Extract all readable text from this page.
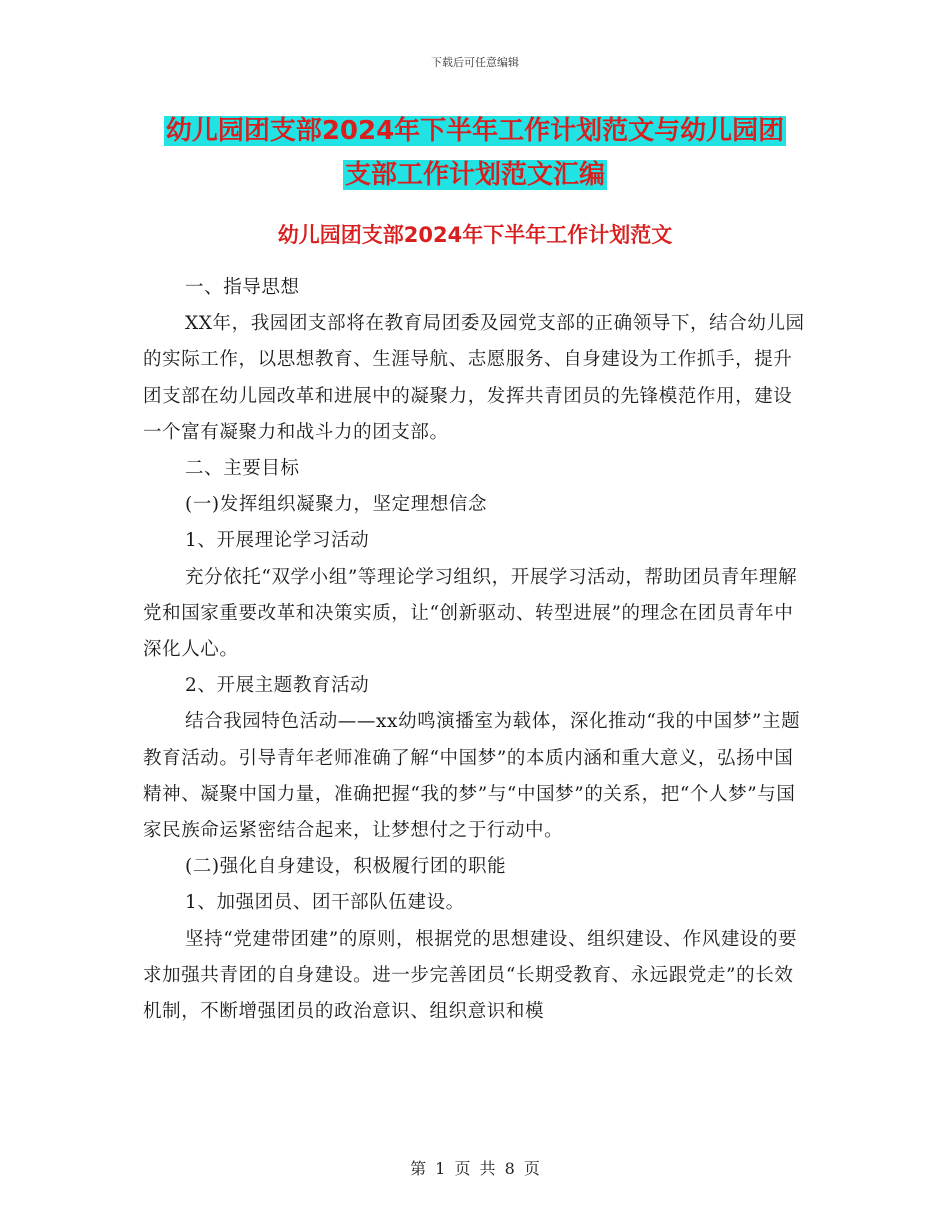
下载后可任意编辑
幼儿园团支部2024年下半年工作计划范文与幼儿园团
支部工作计划范文汇编
幼儿园团支部2024年下半年工作计划范文

一、指导思想

XX年，我园团支部将在教育局团委及园党支部的正确领导下，结合幼儿园的实际工作，以思想教育、生涯导航、志愿服务、自身建设为工作抓手，提升团支部在幼儿园改革和进展中的凝聚力，发挥共青团员的先锋模范作用，建设一个富有凝聚力和战斗力的团支部。

二、主要目标

(一)发挥组织凝聚力，坚定理想信念

1、开展理论学习活动

充分依托“双学小组”等理论学习组织，开展学习活动，帮助团员青年理解党和国家重要改革和决策实质，让“创新驱动、转型进展”的理念在团员青年中深化人心。

2、开展主题教育活动

结合我园特色活动——xx幼鸣演播室为载体，深化推动“我的中国梦”主题教育活动。引导青年老师准确了解“中国梦”的本质内涵和重大意义，弘扬中国精神、凝聚中国力量，准确把握“我的梦”与“中国梦”的关系，把“个人梦”与国家民族命运紧密结合起来，让梦想付之于行动中。

(二)强化自身建设，积极履行团的职能

1、加强团员、团干部队伍建设。

坚持“党建带团建”的原则，根据党的思想建设、组织建设、作风建设的要求加强共青团的自身建设。进一步完善团员“长期受教育、永远跟党走”的长效机制，不断增强团员的政治意识、组织意识和模

第 1 页 共 8 页
